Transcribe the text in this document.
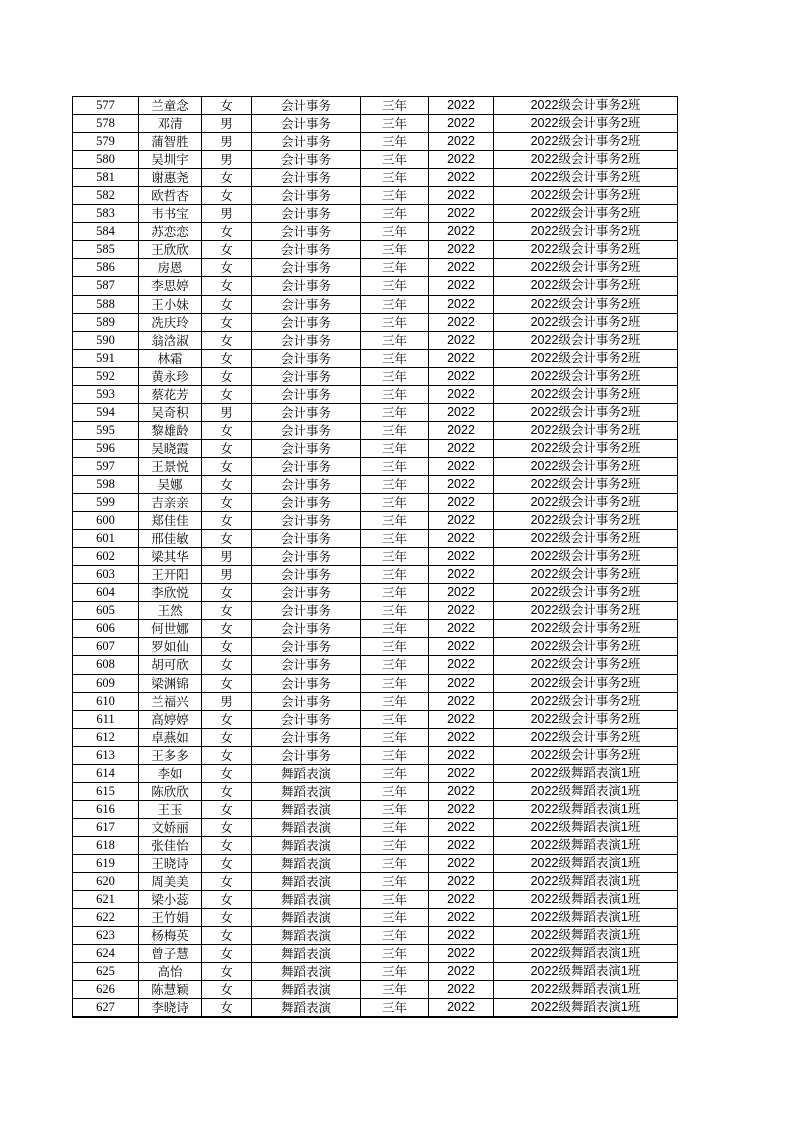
577	兰童念	女	会计事务	三年	2022	2022级会计事务2班
578	邓清	男	会计事务	三年	2022	2022级会计事务2班
579	蒲智胜	男	会计事务	三年	2022	2022级会计事务2班
580	吴圳宇	男	会计事务	三年	2022	2022级会计事务2班
581	谢惠尧	女	会计事务	三年	2022	2022级会计事务2班
582	欧哲杏	女	会计事务	三年	2022	2022级会计事务2班
583	韦书宝	男	会计事务	三年	2022	2022级会计事务2班
584	苏恋恋	女	会计事务	三年	2022	2022级会计事务2班
585	王欣欣	女	会计事务	三年	2022	2022级会计事务2班
586	房恩	女	会计事务	三年	2022	2022级会计事务2班
587	李思婷	女	会计事务	三年	2022	2022级会计事务2班
588	王小妹	女	会计事务	三年	2022	2022级会计事务2班
589	冼庆玲	女	会计事务	三年	2022	2022级会计事务2班
590	翁浛淑	女	会计事务	三年	2022	2022级会计事务2班
591	林霜	女	会计事务	三年	2022	2022级会计事务2班
592	黄永珍	女	会计事务	三年	2022	2022级会计事务2班
593	蔡花芳	女	会计事务	三年	2022	2022级会计事务2班
594	吴奇积	男	会计事务	三年	2022	2022级会计事务2班
595	黎雄龄	女	会计事务	三年	2022	2022级会计事务2班
596	吴晓霞	女	会计事务	三年	2022	2022级会计事务2班
597	王景悦	女	会计事务	三年	2022	2022级会计事务2班
598	吴娜	女	会计事务	三年	2022	2022级会计事务2班
599	吉亲亲	女	会计事务	三年	2022	2022级会计事务2班
600	郑佳佳	女	会计事务	三年	2022	2022级会计事务2班
601	邢佳敏	女	会计事务	三年	2022	2022级会计事务2班
602	梁其华	男	会计事务	三年	2022	2022级会计事务2班
603	王开阳	男	会计事务	三年	2022	2022级会计事务2班
604	李欣悦	女	会计事务	三年	2022	2022级会计事务2班
605	王然	女	会计事务	三年	2022	2022级会计事务2班
606	何世娜	女	会计事务	三年	2022	2022级会计事务2班
607	罗如仙	女	会计事务	三年	2022	2022级会计事务2班
608	胡可欣	女	会计事务	三年	2022	2022级会计事务2班
609	梁渊锦	女	会计事务	三年	2022	2022级会计事务2班
610	兰福兴	男	会计事务	三年	2022	2022级会计事务2班
611	高婷婷	女	会计事务	三年	2022	2022级会计事务2班
612	卓燕如	女	会计事务	三年	2022	2022级会计事务2班
613	王多多	女	会计事务	三年	2022	2022级会计事务2班
614	李如	女	舞蹈表演	三年	2022	2022级舞蹈表演1班
615	陈欣欣	女	舞蹈表演	三年	2022	2022级舞蹈表演1班
616	王玉	女	舞蹈表演	三年	2022	2022级舞蹈表演1班
617	文娇丽	女	舞蹈表演	三年	2022	2022级舞蹈表演1班
618	张佳怡	女	舞蹈表演	三年	2022	2022级舞蹈表演1班
619	王晓诗	女	舞蹈表演	三年	2022	2022级舞蹈表演1班
620	周美美	女	舞蹈表演	三年	2022	2022级舞蹈表演1班
621	梁小蕊	女	舞蹈表演	三年	2022	2022级舞蹈表演1班
622	王竹娟	女	舞蹈表演	三年	2022	2022级舞蹈表演1班
623	杨梅英	女	舞蹈表演	三年	2022	2022级舞蹈表演1班
624	曾子慧	女	舞蹈表演	三年	2022	2022级舞蹈表演1班
625	高怡	女	舞蹈表演	三年	2022	2022级舞蹈表演1班
626	陈慧颖	女	舞蹈表演	三年	2022	2022级舞蹈表演1班
627	李晓诗	女	舞蹈表演	三年	2022	2022级舞蹈表演1班
